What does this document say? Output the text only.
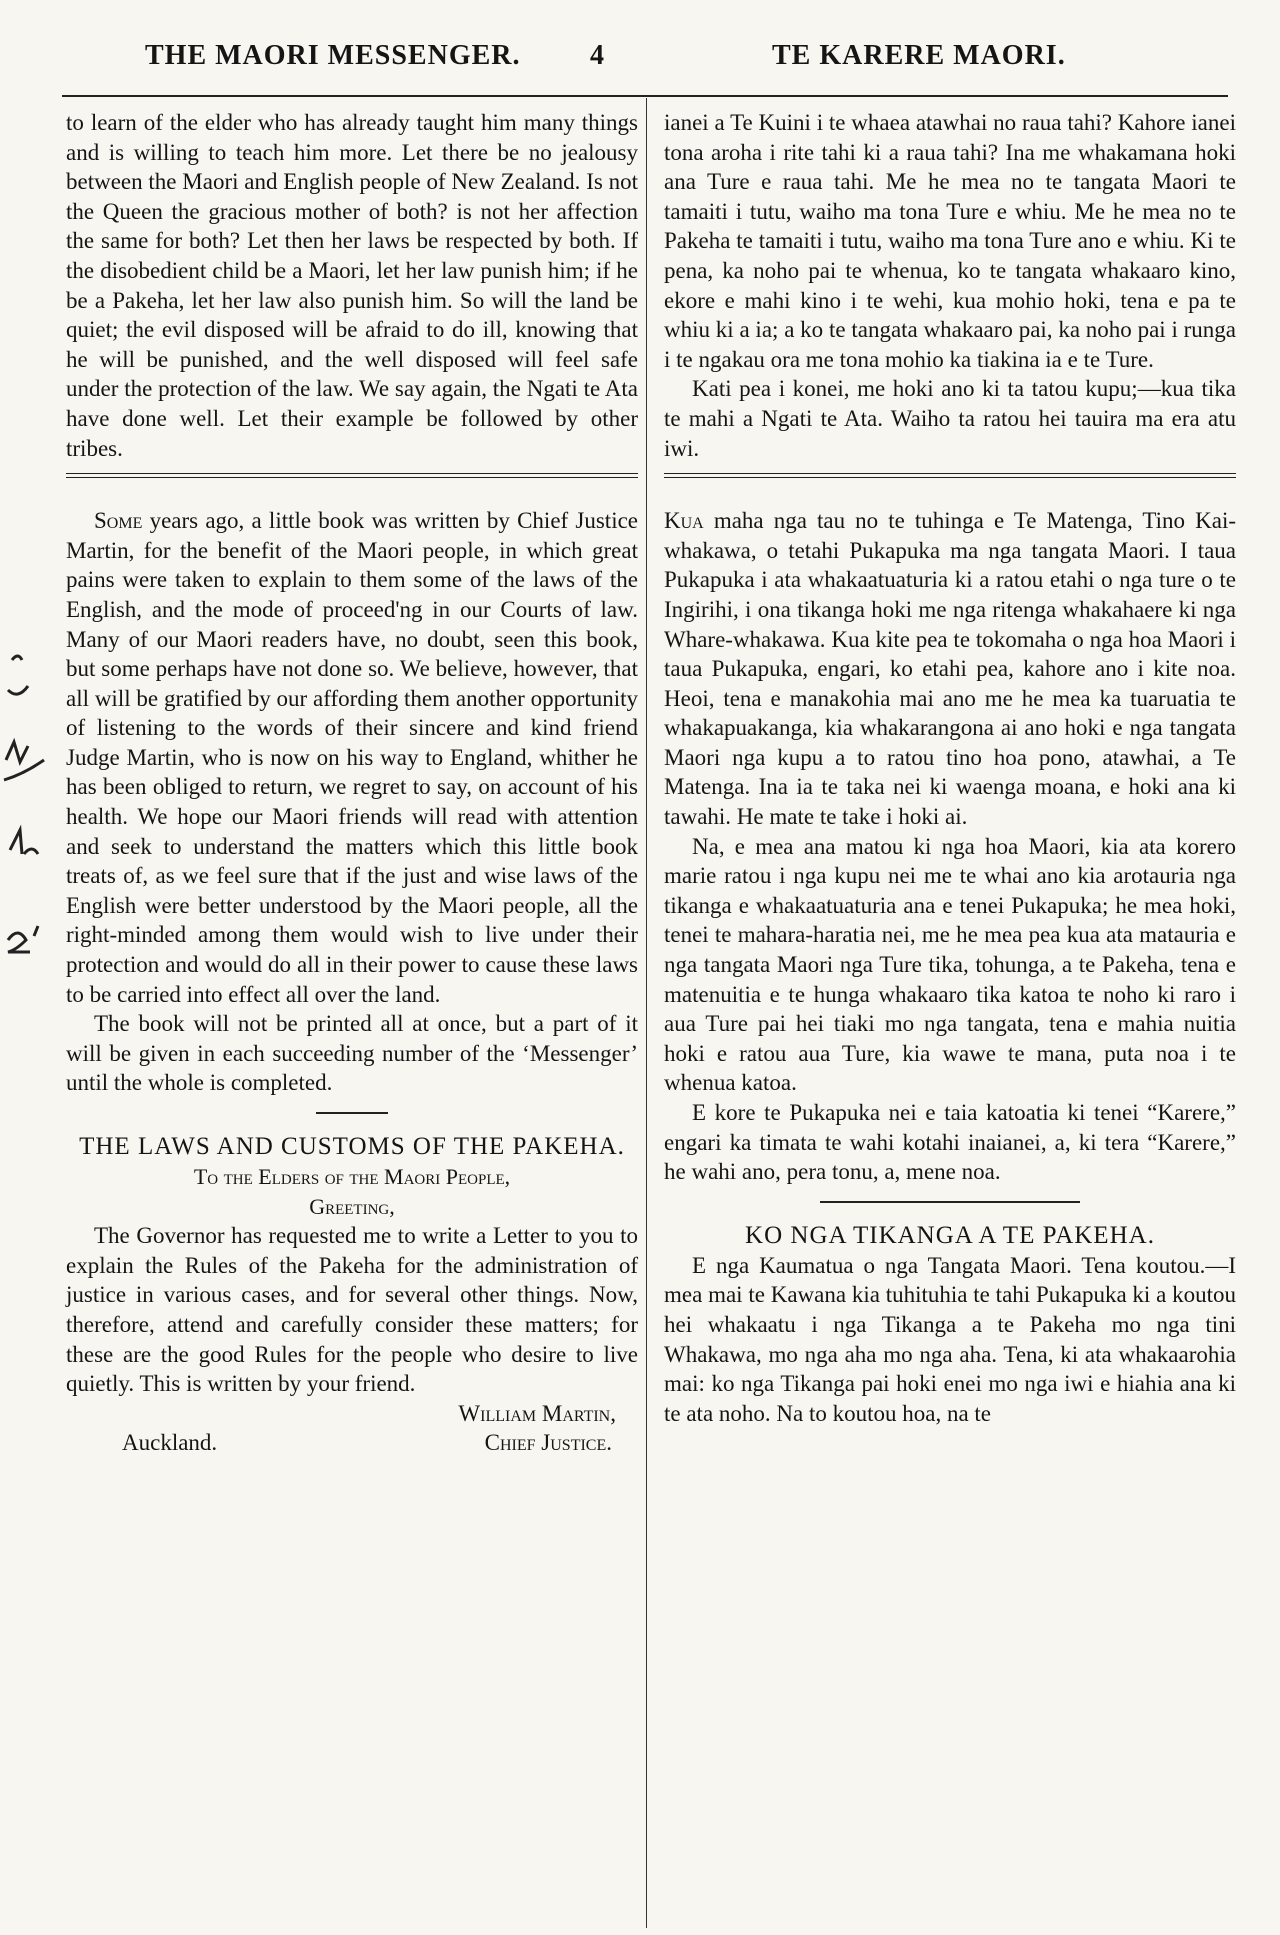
THE MAORI MESSENGER. 4	TE KARERE MAORI.

to learn of the elder who has already taught him many things and is willing to teach him more. Let there be no jealousy between the Maori and English people of New Zealand. Is not the Queen the gracious mother of both? is not her affection the same for both? Let then her laws be respected by both. If the disobedient child be a Maori, let her law punish him; if he be a Pakeha, let her law also punish him. So will the land be quiet; the evil disposed will be afraid to do ill, knowing that he will be punished, and the well disposed will feel safe under the protection of the law. We say again, the Ngati te Ata have done well. Let their example be followed by other tribes.

Some years ago, a little book was written by Chief Justice Martin, for the benefit of the Maori people, in which great pains were taken to explain to them some of the laws of the English, and the mode of proceed'ng in our Courts of law. Many of our Maori readers have, no doubt, seen this book, but some perhaps have not done so. We believe, however, that all will be gratified by our affording them another opportunity of listening to the words of their sincere and kind friend Judge Martin, who is now on his way to England, whither he has been obliged to return, we regret to say, on account of his health. We hope our Maori friends will read with attention and seek to understand the matters which this little book treats of, as we feel sure that if the just and wise laws of the English were better understood by the Maori people, all the right-minded among them would wish to live under their protection and would do all in their power to cause these laws to be carried into effect all over the land.

The book will not be printed all at once, but a part of it will be given in each succeeding number of the ‘Messenger’ until the whole is completed.

THE LAWS AND CUSTOMS OF THE PAKEHA.

To the Elders of the Maori People,

Greeting,

The Governor has requested me to write a Letter to you to explain the Rules of the Pakeha for the administration of justice in various cases, and for several other things. Now, therefore, attend and carefully consider these matters; for these are the good Rules for the people who desire to live quietly. This is written by your friend.

William Martin,

Auckland.	Chief Justice.

ianei a Te Kuini i te whaea atawhai no raua tahi? Kahore ianei tona aroha i rite tahi ki a raua tahi? Ina me whakamana hoki ana Ture e raua tahi. Me he mea no te tangata Maori te tamaiti i tutu, waiho ma tona Ture e whiu. Me he mea no te Pakeha te tamaiti i tutu, waiho ma tona Ture ano e whiu. Ki te pena, ka noho pai te whenua, ko te tangata whakaaro kino, ekore e mahi kino i te wehi, kua mohio hoki, tena e pa te whiu ki a ia; a ko te tangata whakaaro pai, ka noho pai i runga i te ngakau ora me tona mohio ka tiakina ia e te Ture.

Kati pea i konei, me hoki ano ki ta tatou kupu;—kua tika te mahi a Ngati te Ata. Waiho ta ratou hei tauira ma era atu iwi.

Kua maha nga tau no te tuhinga e Te Matenga, Tino Kai-whakawa, o tetahi Pukapuka ma nga tangata Maori. I taua Pukapuka i ata whakaatuaturia ki a ratou etahi o nga ture o te Ingirihi, i ona tikanga hoki me nga ritenga whakahaere ki nga Whare-whakawa. Kua kite pea te tokomaha o nga hoa Maori i taua Pukapuka, engari, ko etahi pea, kahore ano i kite noa. Heoi, tena e manakohia mai ano me he mea ka tuaruatia te whakapuakanga, kia whakarangona ai ano hoki e nga tangata Maori nga kupu a to ratou tino hoa pono, atawhai, a Te Matenga. Ina ia te taka nei ki waenga moana, e hoki ana ki tawahi. He mate te take i hoki ai.

Na, e mea ana matou ki nga hoa Maori, kia ata korero marie ratou i nga kupu nei me te whai ano kia arotauria nga tikanga e whakaatuaturia ana e tenei Pukapuka; he mea hoki, tenei te mahara-haratia nei, me he mea pea kua ata matauria e nga tangata Maori nga Ture tika, tohunga, a te Pakeha, tena e matenuitia e te hunga whakaaro tika katoa te noho ki raro i aua Ture pai hei tiaki mo nga tangata, tena e mahia nuitia hoki e ratou aua Ture, kia wawe te mana, puta noa i te whenua katoa.

E kore te Pukapuka nei e taia katoatia ki tenei “Karere,” engari ka timata te wahi kotahi inaianei, a, ki tera “Karere,” he wahi ano, pera tonu, a, mene noa.

KO NGA TIKANGA A TE PAKEHA.

E nga Kaumatua o nga Tangata Maori. Tena koutou.—I mea mai te Kawana kia tuhituhia te tahi Pukapuka ki a koutou hei whakaatu i nga Tikanga a te Pakeha mo nga tini Whakawa, mo nga aha mo nga aha. Tena, ki ata whakaarohia mai: ko nga Tikanga pai hoki enei mo nga iwi e hiahia ana ki te ata noho. Na to koutou hoa, na te
